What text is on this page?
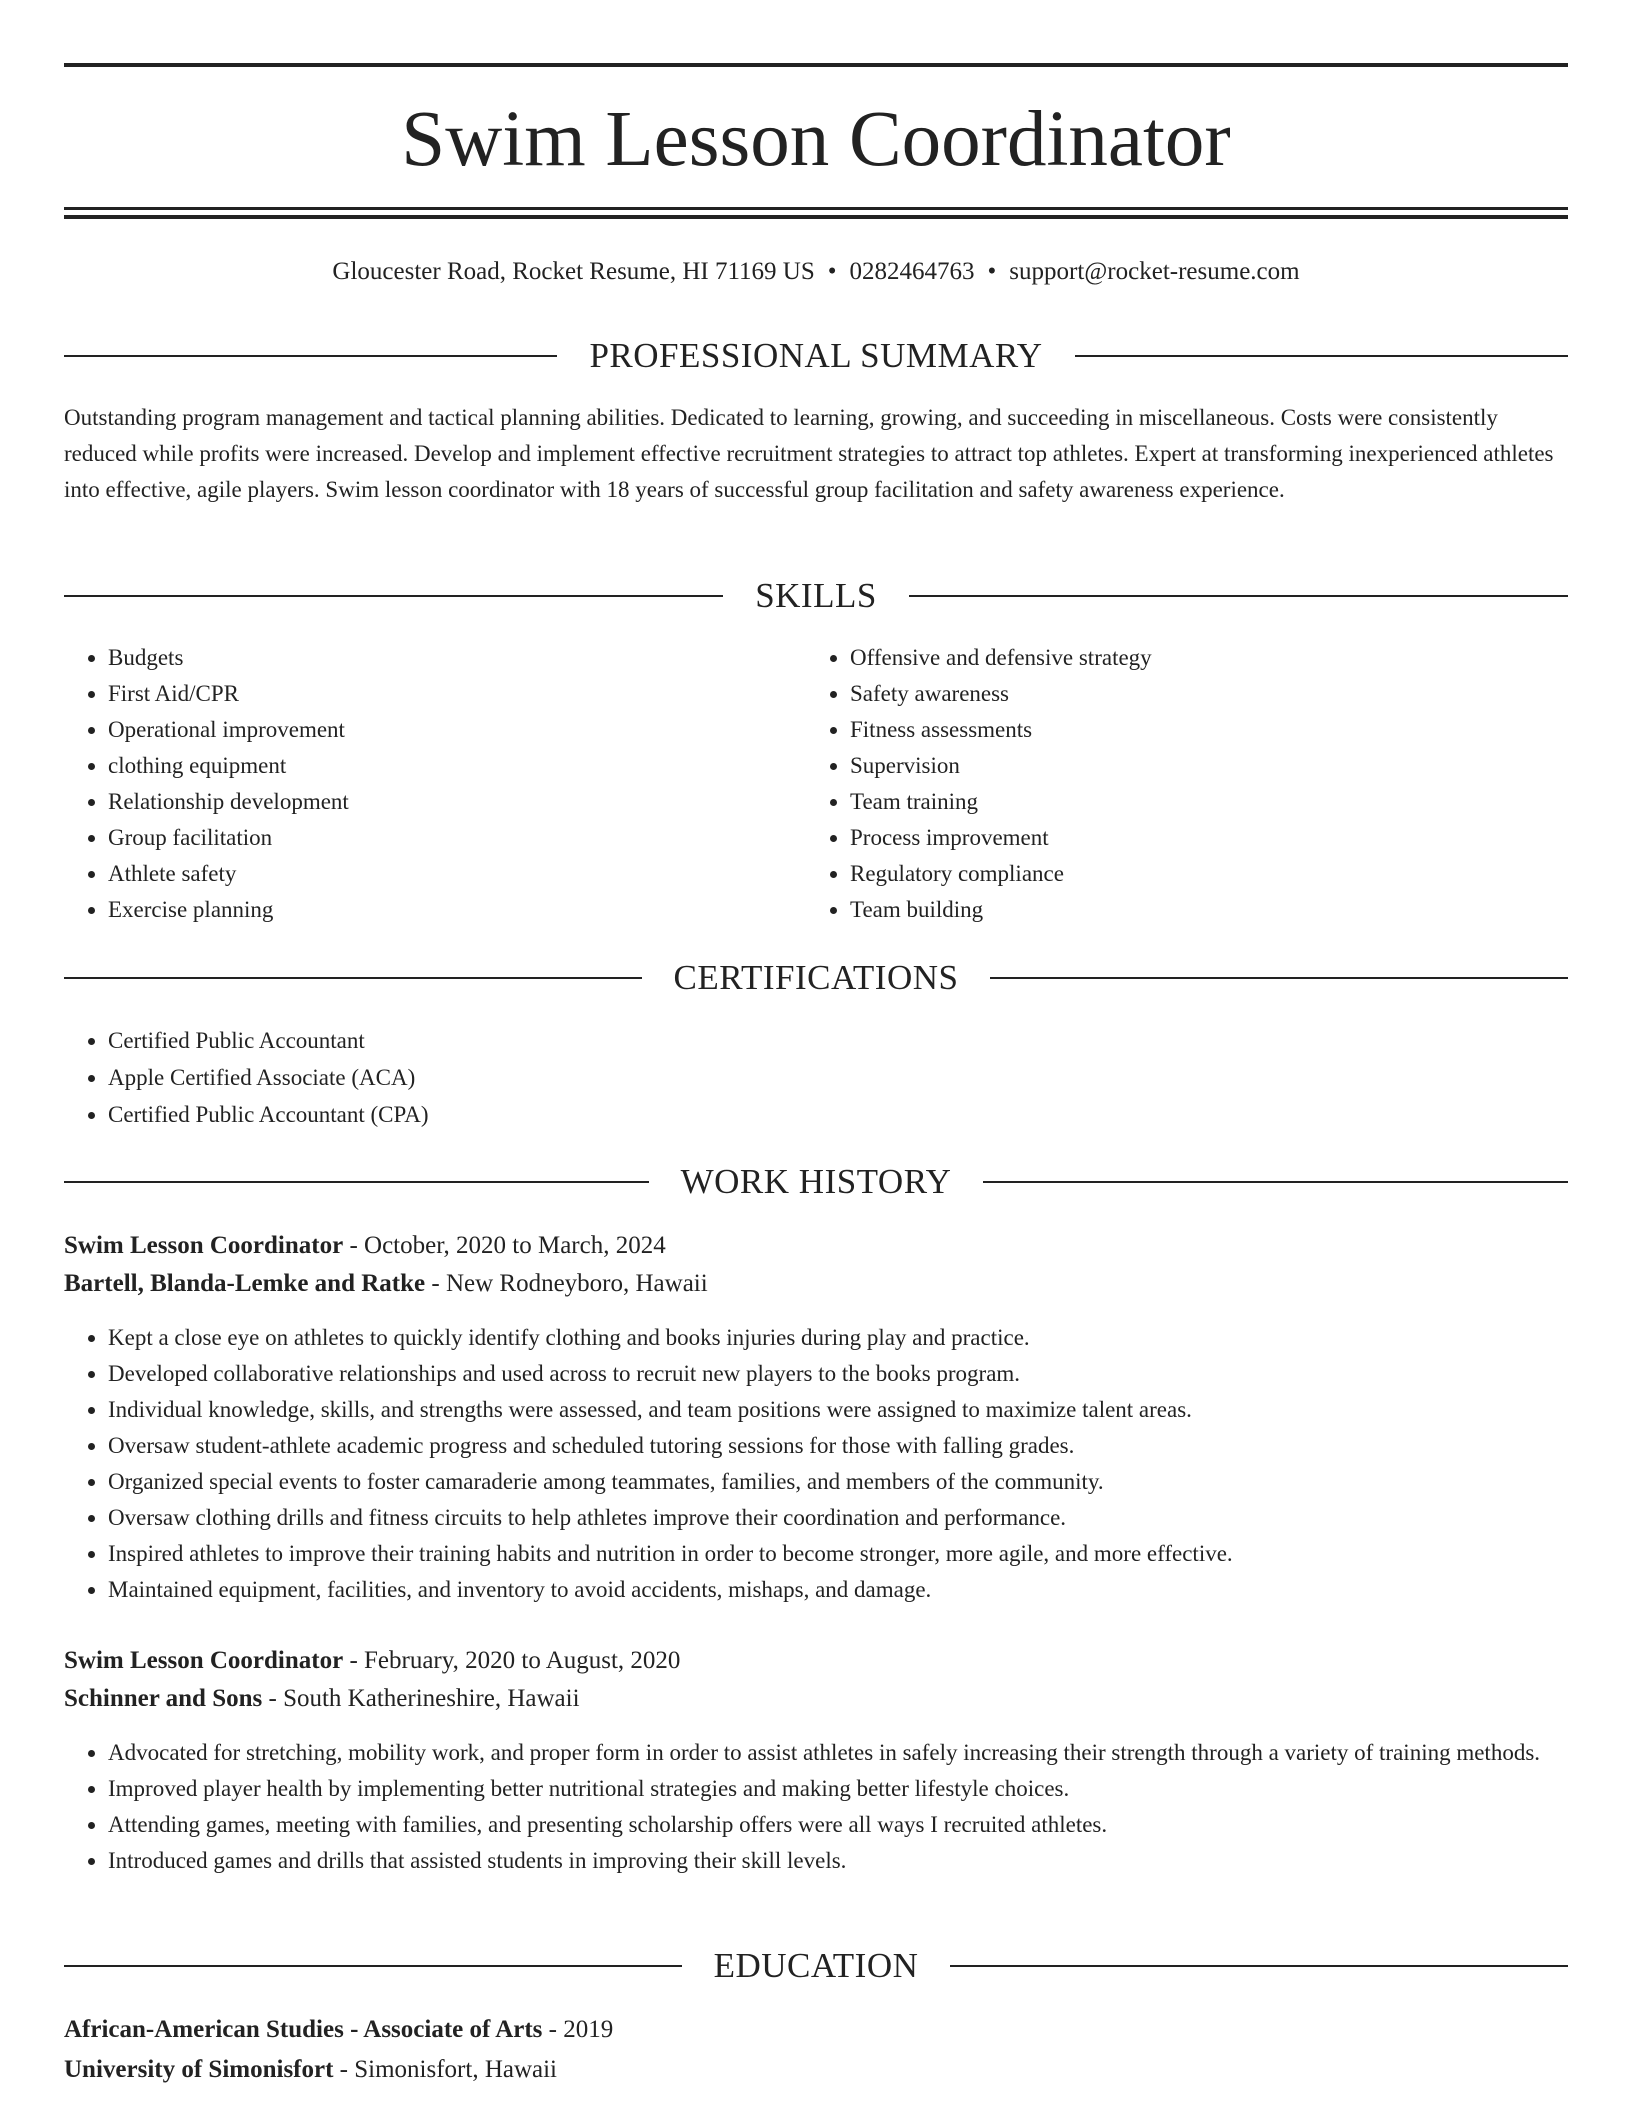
Swim Lesson Coordinator
Gloucester Road, Rocket Resume, HI 71169 US • 0282464763 • support@rocket-resume.com
PROFESSIONAL SUMMARY

Outstanding program management and tactical planning abilities. Dedicated to learning, growing, and succeeding in miscellaneous. Costs were consistently reduced while profits were increased. Develop and implement effective recruitment strategies to attract top athletes. Expert at transforming inexperienced athletes into effective, agile players. Swim lesson coordinator with 18 years of successful group facilitation and safety awareness experience.

SKILLS
• Budgets
• First Aid/CPR
• Operational improvement
• clothing equipment
• Relationship development
• Group facilitation
• Athlete safety
• Exercise planning
• Offensive and defensive strategy
• Safety awareness
• Fitness assessments
• Supervision
• Team training
• Process improvement
• Regulatory compliance
• Team building
CERTIFICATIONS
• Certified Public Accountant
• Apple Certified Associate (ACA)
• Certified Public Accountant (CPA)
WORK HISTORY

Swim Lesson Coordinator - October, 2020 to March, 2024

Bartell, Blanda-Lemke and Ratke - New Rodneyboro, Hawaii

• Kept a close eye on athletes to quickly identify clothing and books injuries during play and practice.
• Developed collaborative relationships and used across to recruit new players to the books program.
• Individual knowledge, skills, and strengths were assessed, and team positions were assigned to maximize talent areas.
• Oversaw student-athlete academic progress and scheduled tutoring sessions for those with falling grades.
• Organized special events to foster camaraderie among teammates, families, and members of the community.
• Oversaw clothing drills and fitness circuits to help athletes improve their coordination and performance.
• Inspired athletes to improve their training habits and nutrition in order to become stronger, more agile, and more effective.
• Maintained equipment, facilities, and inventory to avoid accidents, mishaps, and damage.

Swim Lesson Coordinator - February, 2020 to August, 2020

Schinner and Sons - South Katherineshire, Hawaii

• Advocated for stretching, mobility work, and proper form in order to assist athletes in safely increasing their strength through a variety of training methods.
• Improved player health by implementing better nutritional strategies and making better lifestyle choices.
• Attending games, meeting with families, and presenting scholarship offers were all ways I recruited athletes.
• Introduced games and drills that assisted students in improving their skill levels.
EDUCATION

African-American Studies - Associate of Arts - 2019

University of Simonisfort - Simonisfort, Hawaii
